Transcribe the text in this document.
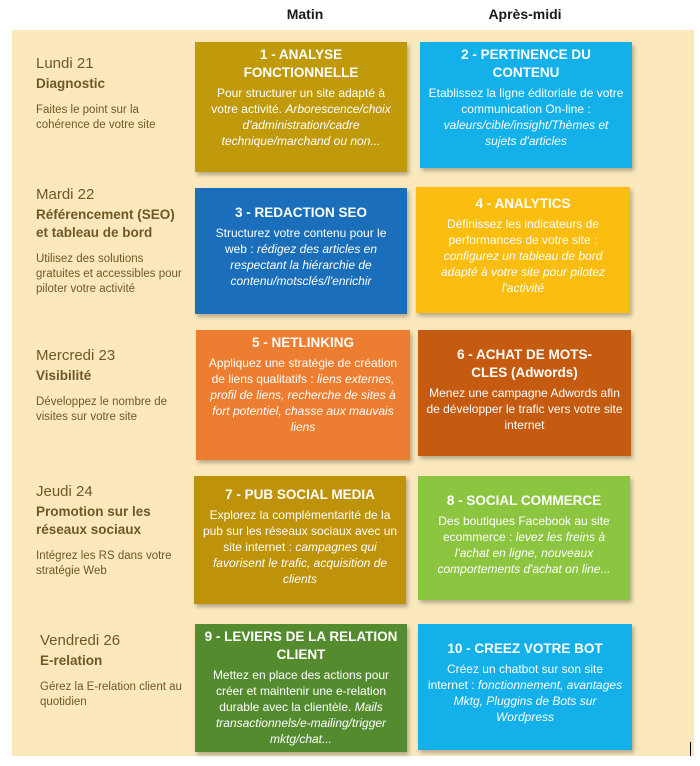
Matin	Après-midi
Lundi 21
Diagnostic
Faites le point sur la cohérence de votre site
Mardi 22
Référencement (SEO) et tableau de bord
Utilisez des solutions gratuites et accessibles pour piloter votre activité
Mercredi 23
Visibilité
Développez le nombre de visites sur votre site
Jeudi 24
Promotion sur les réseaux sociaux
Intégrez les RS dans votre stratégie Web
Vendredi 26
E-relation
Gérez la E-relation client au quotidien
1 - ANALYSE FONCTIONNELLE
Pour structurer un site adapté à votre activité. Arborescence/choix d'administration/cadre technique/marchand ou non...
2 - PERTINENCE DU CONTENU
Etablissez la ligne éditoriale de votre communication On-line : valeurs/cible/insight/Thèmes et sujets d'articles
3 - REDACTION SEO
Structurez votre contenu pour le web : rédigez des articles en respectant la hiérarchie de contenu/motsclés/l'enrichir
4 - ANALYTICS
Définissez les indicateurs de performances de votre site : configurez un tableau de bord adapté à votre site pour pilotez l'activité
5 - NETLINKING
Appliquez une stratégie de création de liens qualitatifs : liens externes, profil de liens, recherche de sites à fort potentiel, chasse aux mauvais liens
6 - ACHAT DE MOTS-CLES (Adwords)
Menez une campagne Adwords afin de développer le trafic vers votre site internet
7 - PUB SOCIAL MEDIA
Explorez la complémentarité de la pub sur les réseaux sociaux avec un site internet : campagnes qui favorisent le trafic, acquisition de clients
8 - SOCIAL COMMERCE
Des boutiques Facebook au site ecommerce : levez les freins à l'achat en ligne, nouveaux comportements d'achat on line...
9 - LEVIERS DE LA RELATION CLIENT
Mettez en place des actions pour créer et maintenir une e-relation durable avec la clientèle. Mails transactionnels/e-mailing/trigger mktg/chat...
10 - CREEZ VOTRE BOT
Créez un chatbot sur son site internet : fonctionnement, avantages Mktg, Pluggins de Bots sur Wordpress
